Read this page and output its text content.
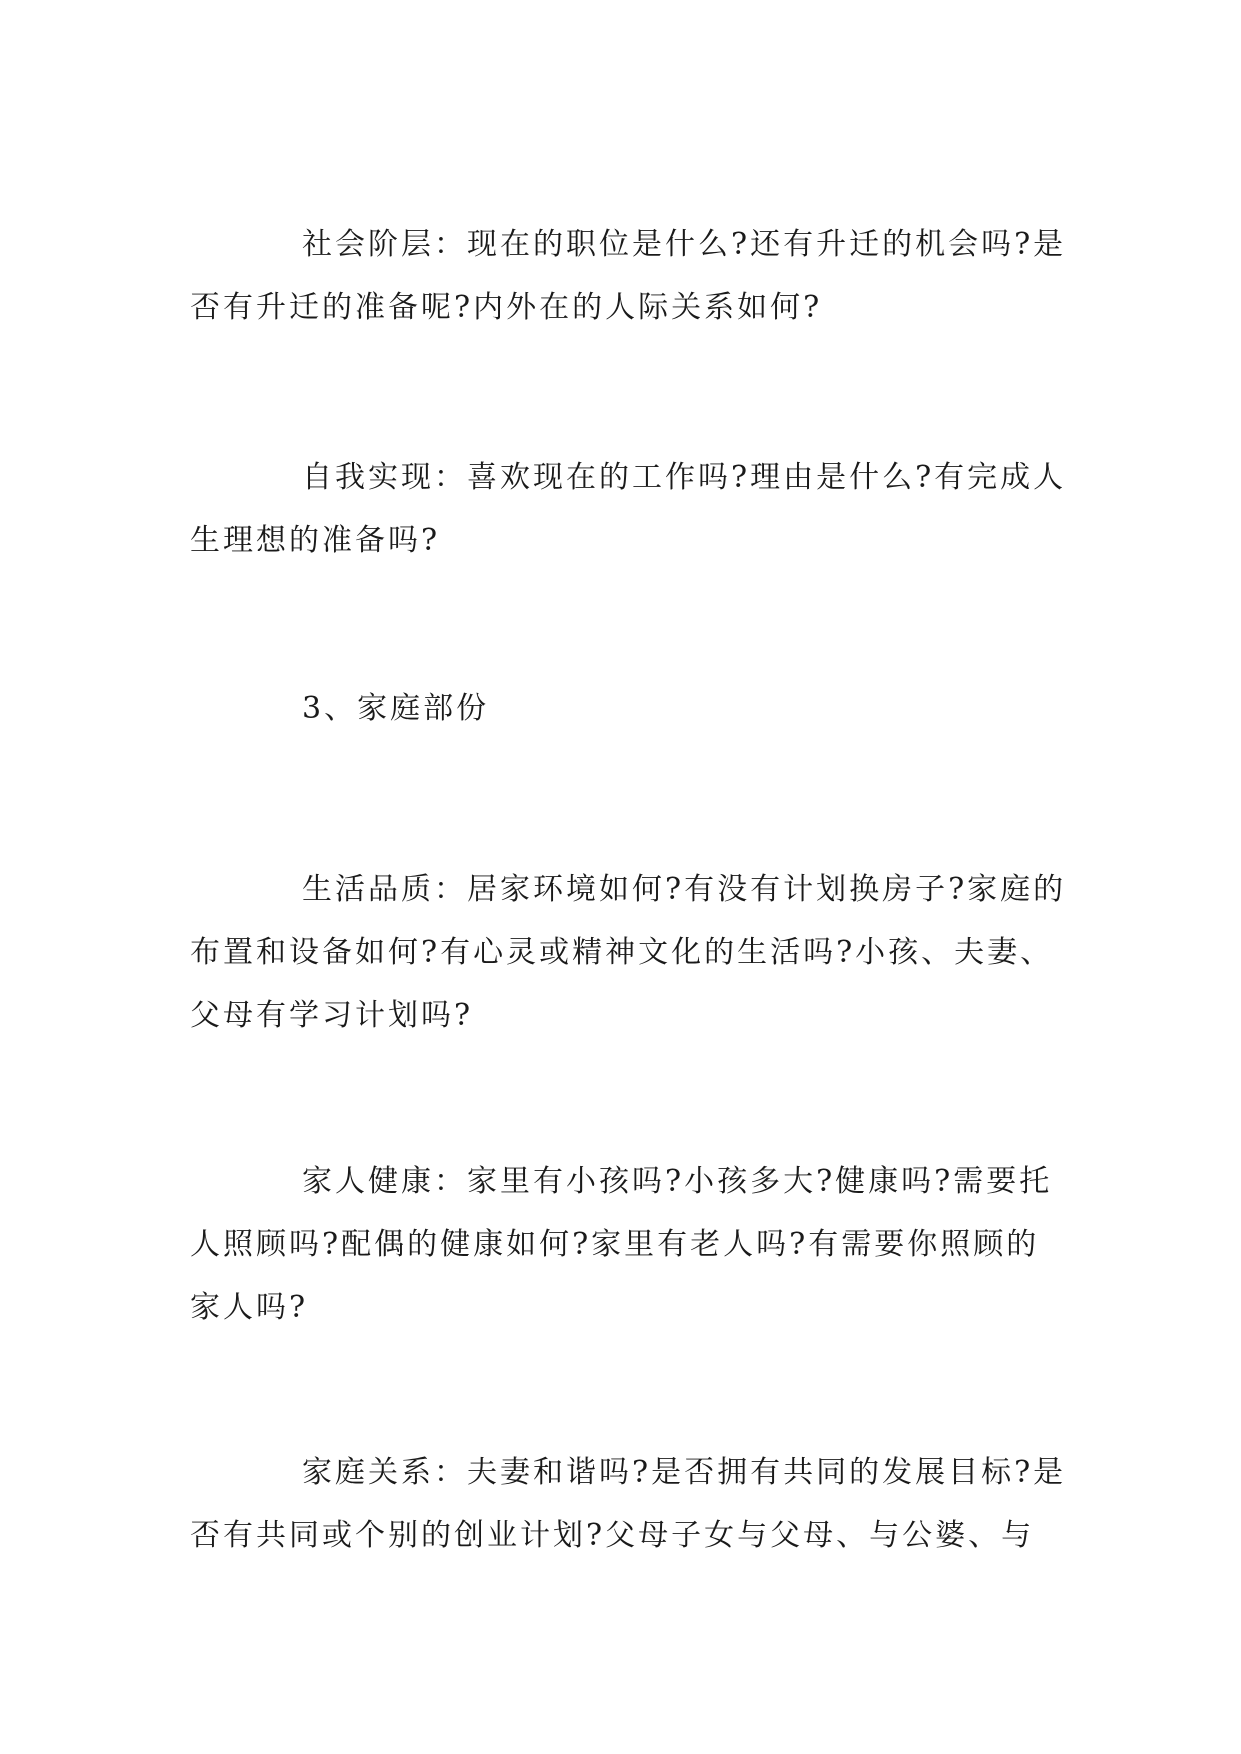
社会阶层：现在的职位是什么?还有升迁的机会吗?是否有升迁的准备呢?内外在的人际关系如何?

自我实现：喜欢现在的工作吗?理由是什么?有完成人生理想的准备吗?

3、家庭部份

生活品质：居家环境如何?有没有计划换房子?家庭的布置和设备如何?有心灵或精神文化的生活吗?小孩、夫妻、父母有学习计划吗?

家人健康：家里有小孩吗?小孩多大?健康吗?需要托人照顾吗?配偶的健康如何?家里有老人吗?有需要你照顾的家人吗?

家庭关系：夫妻和谐吗?是否拥有共同的发展目标?是否有共同或个别的创业计划?父母子女与父母、与公婆、与
